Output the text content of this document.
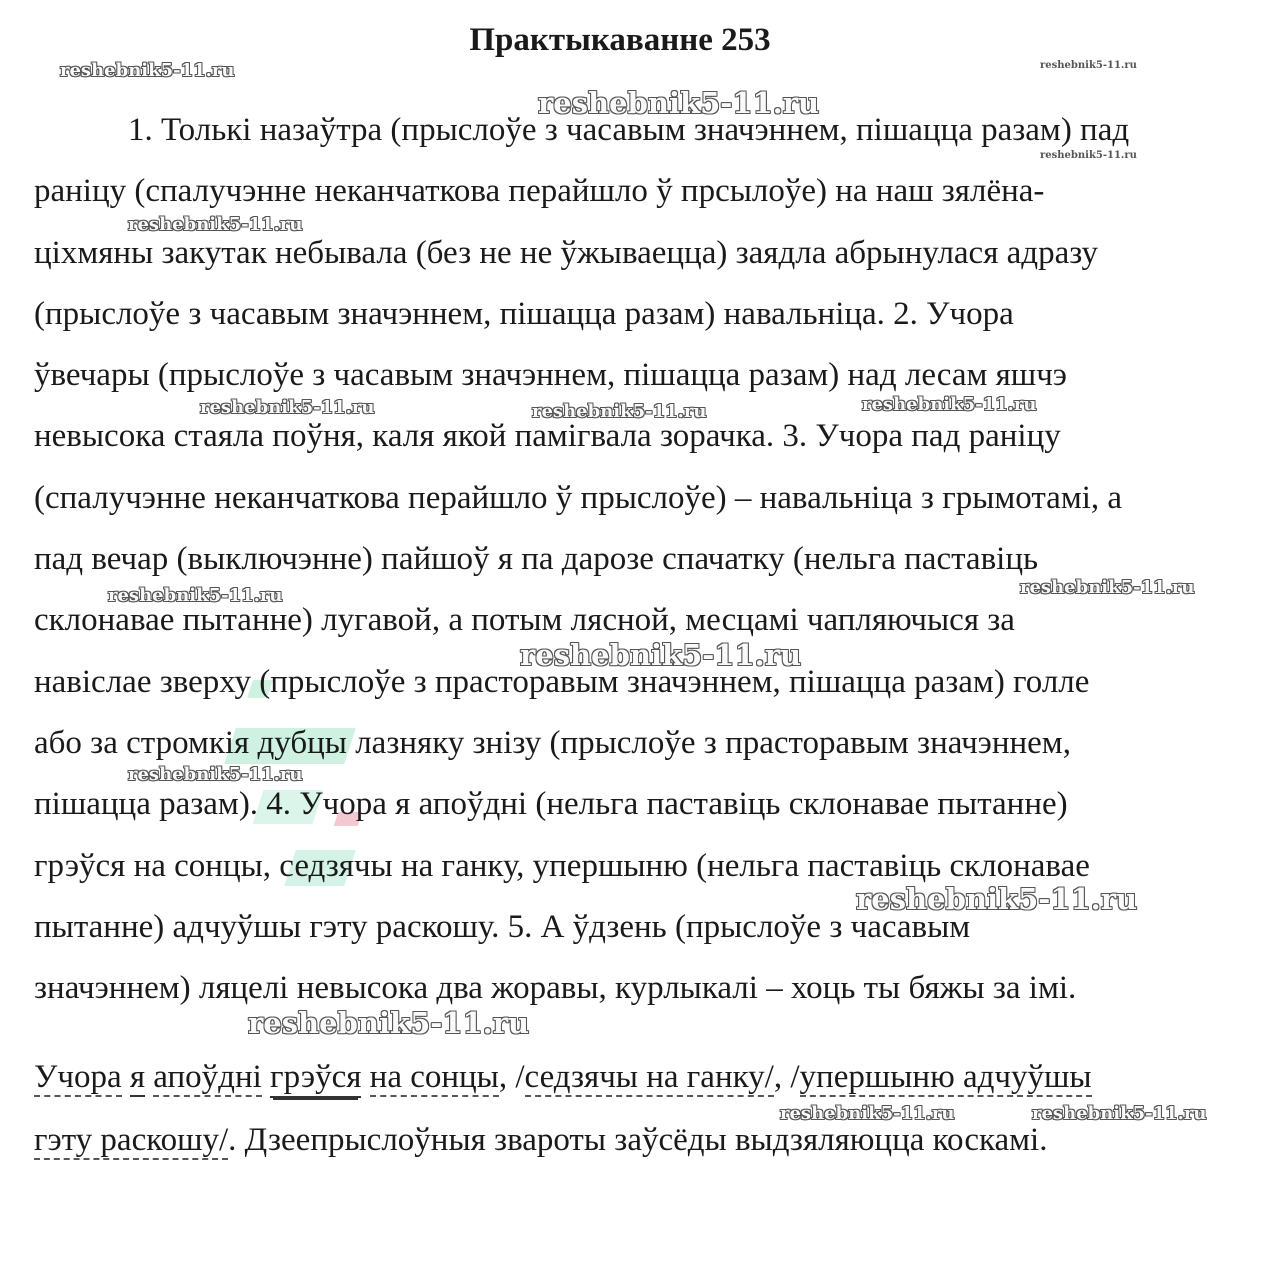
Практыкаванне 253
1. Толькі назаўтра (прыслоўе з часавым значэннем, пішацца разам) пад
раніцу (спалучэнне неканчаткова перайшло ў прсылоўе) на наш зялёна-
ціхмяны закутак небывала (без не не ўжываецца) заядла абрынулася адразу
(прыслоўе з часавым значэннем, пішацца разам) навальніца. 2. Учора
ўвечары (прыслоўе з часавым значэннем, пішацца разам) над лесам яшчэ
невысока стаяла поўня, каля якой памігвала зорачка. 3. Учора пад раніцу
(спалучэнне неканчаткова перайшло ў прыслоўе) – навальніца з грымотамі, а
пад вечар (выключэнне) пайшоў я па дарозе спачатку (нельга паставіць
склонавае пытанне) лугавой, а потым лясной, месцамі чапляючыся за
навіслае зверху (прыслоўе з прасторавым значэннем, пішацца разам) голле
або за стромкія дубцы лазняку знізу (прыслоўе з прасторавым значэннем,
пішацца разам). 4. Учора я апоўдні (нельга паставіць склонавае пытанне)
грэўся на сонцы, седзячы на ганку, упершыню (нельга паставіць склонавае
пытанне) адчуўшы гэту раскошу. 5. А ўдзень (прыслоўе з часавым
значэннем) ляцелі невысока два жоравы, курлыкалі – хоць ты бяжы за імі.
Учора я апоўдні грэўся на сонцы, /седзячы на ганку/, /упершыню адчуўшы
гэту раскошу/. Дзеепрыслоўныя звароты заўсёды выдзяляюцца коскамі.
reshebnik5-11.ru	reshebnik5-11.ru
reshebnik5-11.ru
reshebnik5-11.ru
reshebnik5-11.ru
reshebnik5-11.ru	reshebnik5-11.ru	reshebnik5-11.ru
reshebnik5-11.ru
reshebnik5-11.ru
reshebnik5-11.ru
reshebnik5-11.ru
reshebnik5-11.ru
reshebnik5-11.ru
reshebnik5-11.ru	reshebnik5-11.ru
